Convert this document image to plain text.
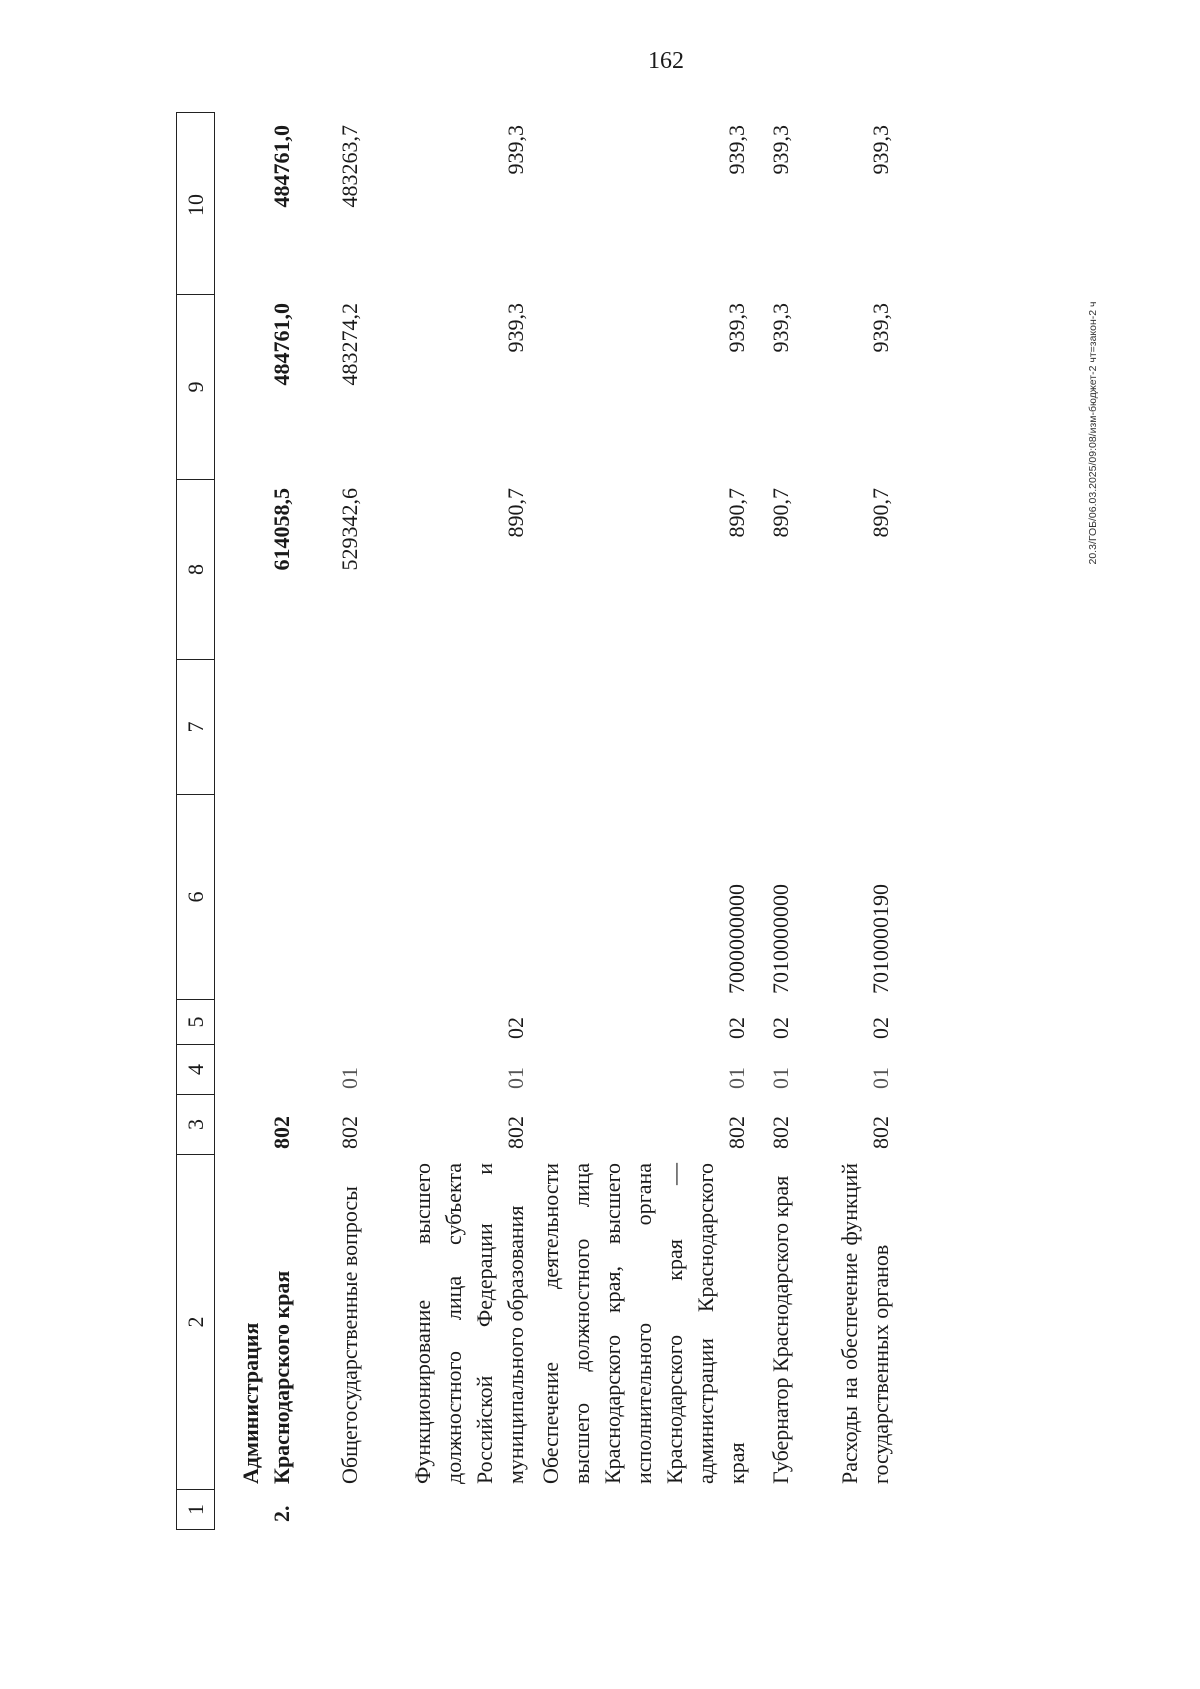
162
20.3/ГОБ/06.03.2025/09:08/изм-бюджет-2 чт=закон-2 ч
1
2
3
4
5
6
7
8
9
10
2.
Администрация Краснодарского края
802
614058,5
484761,0
484761,0
Общегосударственные вопросы
802
01
529342,6
483274,2
483263,7
Функционирование высшего должностного лица субъекта Российской Федерации и муниципального образования
802
01
02
890,7
939,3
939,3
Обеспечение деятельности высшего должностного лица Краснодарского края, высшего исполнительного органа Краснодарского края — администрации Краснодарского края
802
01
02
7000000000
890,7
939,3
939,3
Губернатор Краснодарского края
802
01
02
7010000000
890,7
939,3
939,3
Расходы на обеспечение функций государственных органов
802
01
02
7010000190
890,7
939,3
939,3
